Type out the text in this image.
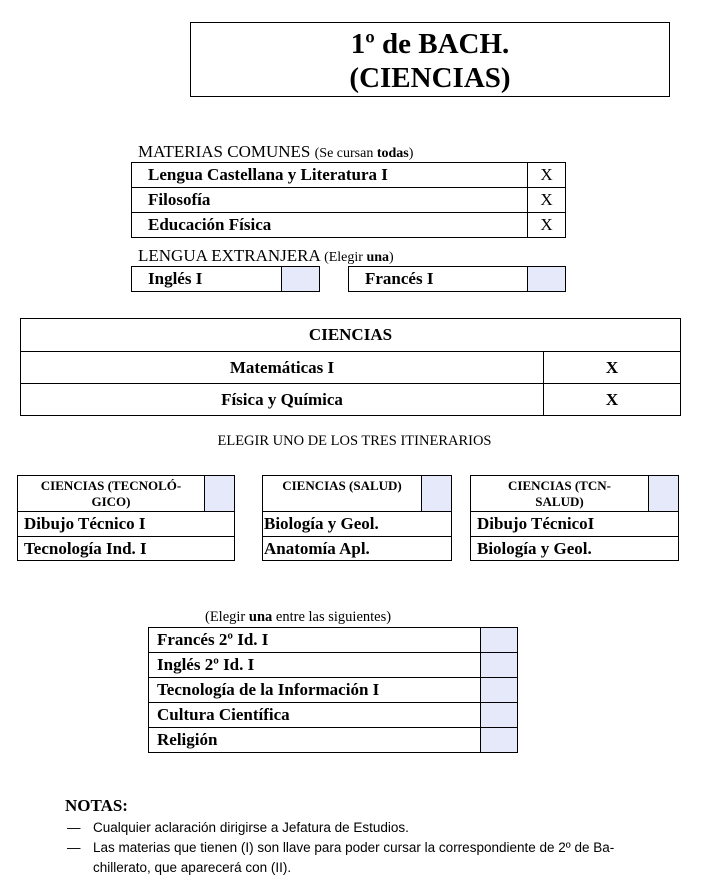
1º de BACH.
(CIENCIAS)
MATERIAS COMUNES (Se cursan todas)
Lengua Castellana y Literatura I	X
Filosofía	X
Educación Física	X
LENGUA EXTRANJERA (Elegir una)
Inglés I	Francés I
CIENCIAS	
Matemáticas I	X
Física y Química	X
ELEGIR UNO DE LOS TRES ITINERARIOS
CIENCIAS (TECNOLÓ-
GICO)
Dibujo Técnico I
Tecnología Ind. I
CIENCIAS (SALUD)
Biología y Geol.
Anatomía Apl.
CIENCIAS (TCN-
SALUD)
Dibujo TécnicoI
Biología y Geol.
(Elegir una entre las siguientes)
Francés 2º Id. I	
Inglés 2º Id. I	
Tecnología de la Información I	
Cultura Científica	
Religión	
NOTAS:
— Cualquier aclaración dirigirse a Jefatura de Estudios.
— Las materias que tienen (I) son llave para poder cursar la correspondiente de 2º de Ba-
chillerato, que aparecerá con (II).
